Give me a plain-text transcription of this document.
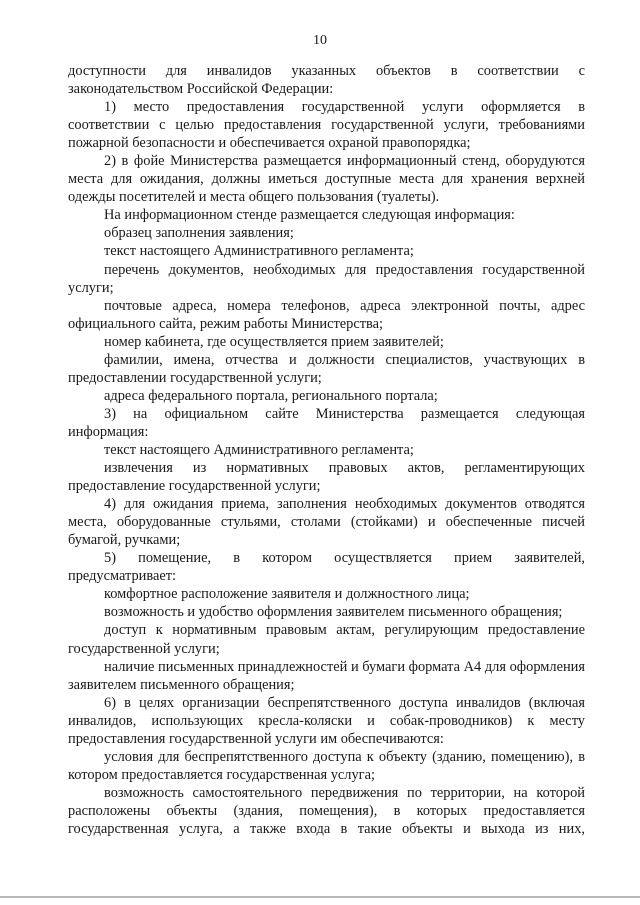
10

доступности для инвалидов указанных объектов в соответствии с законодательством Российской Федерации:

1) место предоставления государственной услуги оформляется в соответствии с целью предоставления государственной услуги, требованиями пожарной безопасности и обеспечивается охраной правопорядка;

2) в фойе Министерства размещается информационный стенд, оборудуются места для ожидания, должны иметься доступные места для хранения верхней одежды посетителей и места общего пользования (туалеты).

На информационном стенде размещается следующая информация:

образец заполнения заявления;

текст настоящего Административного регламента;

перечень документов, необходимых для предоставления государственной услуги;

почтовые адреса, номера телефонов, адреса электронной почты, адрес официального сайта, режим работы Министерства;

номер кабинета, где осуществляется прием заявителей;

фамилии, имена, отчества и должности специалистов, участвующих в предоставлении государственной услуги;

адреса федерального портала, регионального портала;

3) на официальном сайте Министерства размещается следующая информация:

текст настоящего Административного регламента;

извлечения из нормативных правовых актов, регламентирующих предоставление государственной услуги;

4) для ожидания приема, заполнения необходимых документов отводятся места, оборудованные стульями, столами (стойками) и обеспеченные писчей бумагой, ручками;

5) помещение, в котором осуществляется прием заявителей, предусматривает:

комфортное расположение заявителя и должностного лица;

возможность и удобство оформления заявителем письменного обращения;

доступ к нормативным правовым актам, регулирующим предоставление государственной услуги;

наличие письменных принадлежностей и бумаги формата А4 для оформления заявителем письменного обращения;

6) в целях организации беспрепятственного доступа инвалидов (включая инвалидов, использующих кресла-коляски и собак-проводников) к месту предоставления государственной услуги им обеспечиваются:

условия для беспрепятственного доступа к объекту (зданию, помещению), в котором предоставляется государственная услуга;

возможность самостоятельного передвижения по территории, на которой расположены объекты (здания, помещения), в которых предоставляется государственная услуга, а также входа в такие объекты и выхода из них,
